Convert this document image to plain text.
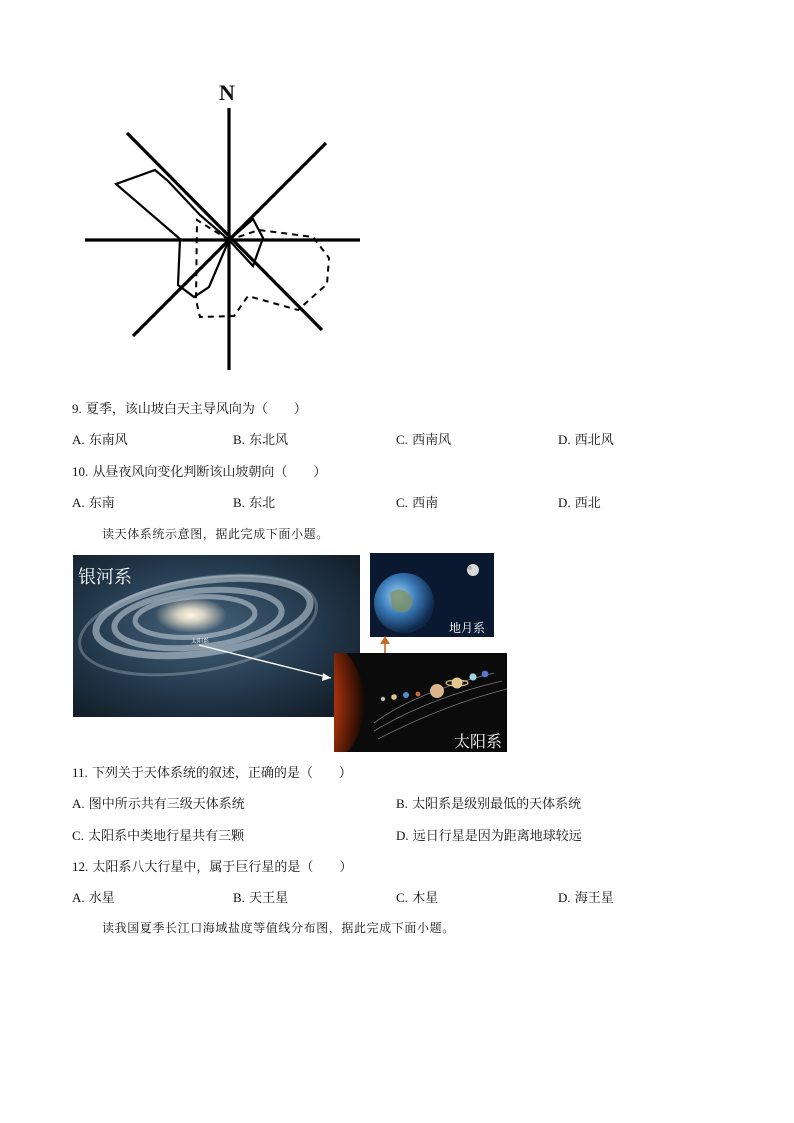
N
9. 夏季，该山坡白天主导风向为（　　）
A. 东南风	B. 东北风	C. 西南风	D. 西北风
10. 从昼夜风向变化判断该山坡朝向（　　）
A. 东南	B. 东北	C. 西南	D. 西北
读天体系统示意图，据此完成下面小题。
银河系
太阳系
地月系
太阳系
11. 下列关于天体系统的叙述，正确的是（　　）
A. 图中所示共有三级天体系统	B. 太阳系是级别最低的天体系统
C. 太阳系中类地行星共有三颗	D. 远日行星是因为距离地球较远
12. 太阳系八大行星中，属于巨行星的是（　　）
A. 水星	B. 天王星	C. 木星	D. 海王星
读我国夏季长江口海域盐度等值线分布图，据此完成下面小题。
